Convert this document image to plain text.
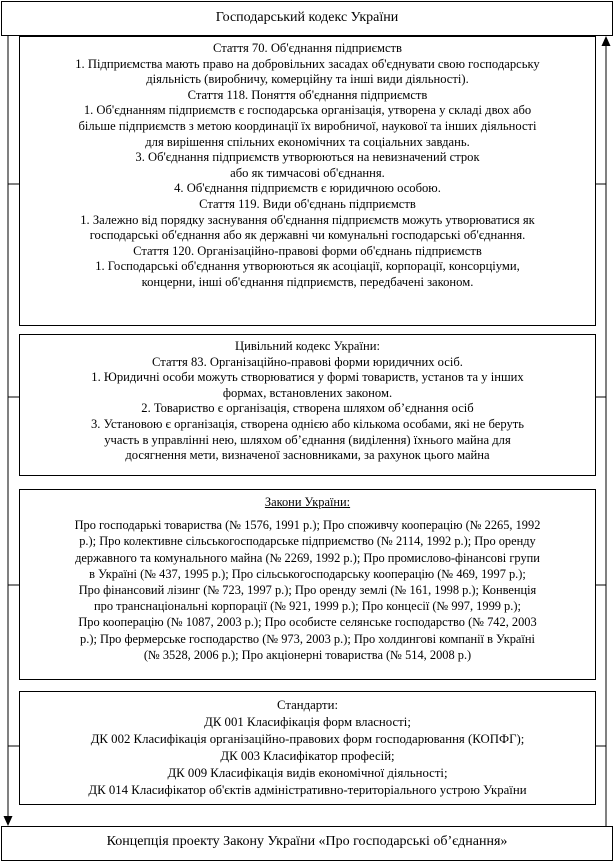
Господарський кодекс України
Стаття 70. Об'єднання підприємств
1. Підприємства мають право на добровільних засадах об'єднувати свою господарську
діяльність (виробничу, комерційну та інші види діяльності).
Стаття 118. Поняття об'єднання підприємств
1. Об'єднанням підприємств є господарська організація, утворена у складі двох або
більше підприємств з метою координації їх виробничої, наукової та інших діяльності
для вирішення спільних економічних та соціальних завдань.
3. Об'єднання підприємств утворюються на невизначений строк
або як тимчасові об'єднання.
4. Об'єднання підприємств є юридичною особою.
Стаття 119. Види об'єднань підприємств
1. Залежно від порядку заснування об'єднання підприємств можуть утворюватися як
господарські об'єднання або як державні чи комунальні господарські об'єднання.
Стаття 120. Організаційно-правові форми об'єднань підприємств
1. Господарські об'єднання утворюються як асоціації, корпорації, консорціуми,
концерни, інші об'єднання підприємств, передбачені законом.
Цивільний кодекс України:
Стаття 83. Організаційно-правові форми юридичних осіб.
1. Юридичні особи можуть створюватися у формі товариств, установ та у інших
формах, встановлених законом.
2. Товариство є організація, створена шляхом об’єднання осіб
3. Установою є організація, створена однією або кількома особами, які не беруть
участь в управлінні нею, шляхом об’єднання (виділення) їхнього майна для
досягнення мети, визначеної засновниками, за рахунок цього майна
Закони України:
Про господарькі товариства (№ 1576, 1991 р.); Про споживчу кооперацію (№ 2265, 1992
р.); Про колективне сільськогосподарське підприємство (№ 2114, 1992 р.); Про оренду
державного та комунального майна (№ 2269, 1992 р.); Про промислово-фінансові групи
в Україні (№ 437, 1995 р.); Про сільськогосподарську кооперацію (№ 469, 1997 р.);
Про фінансовий лізинг (№ 723, 1997 р.); Про оренду землі (№ 161, 1998 р.); Конвенція
про транснаціональні корпорації (№ 921, 1999 р.); Про концесії (№ 997, 1999 р.);
Про кооперацію (№ 1087, 2003 р.); Про особисте селянське господарство (№ 742, 2003
р.); Про фермерське господарство (№ 973, 2003 р.); Про холдингові компанії в Україні
(№ 3528, 2006 р.); Про акціонерні товариства (№ 514, 2008 р.)
Стандарти:
ДК 001 Класифікація форм власності;
ДК 002 Класифікація організаційно-правових форм господарювання (КОПФГ);
ДК 003 Класифікатор професій;
ДК 009 Класифікація видів економічної діяльності;
ДК 014 Класифікатор об'єктів адміністративно-територіального устрою України
Концепція проекту Закону України «Про господарські об’єднання»
